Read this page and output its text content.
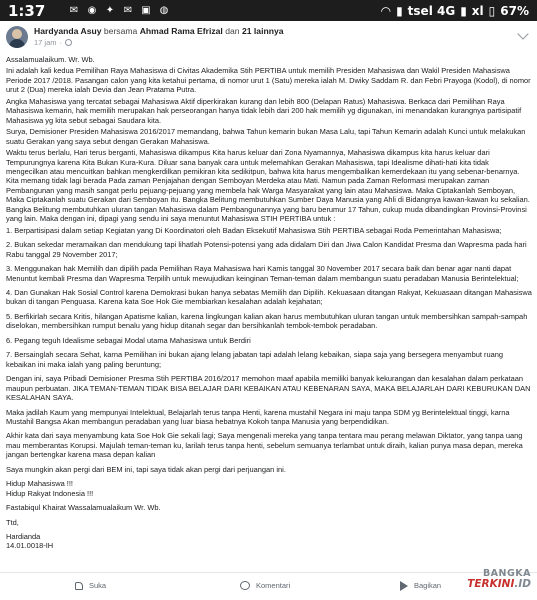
1:37	✉ ◉ ✦ ✉ ▣ ◍	◠ ▮ tsel 4G ▮ xl ▯ 67%
Hardyanda Asuy bersama Ahmad Rama Efrizal dan 21 lainnya
17 jam ·

Assalamualaikum. Wr. Wb.

Ini adalah kali kedua Pemilihan Raya Mahasiswa di Civitas Akademika Stih PERTIBA untuk memilih Presiden Mahasiswa dan Wakil Presiden Mahasiswa Periode 2017 /2018. Pasangan calon yang kita ketahui pertama, di nomor urut 1 (Satu) mereka ialah M. Dwiky Saddam R. dan Febri Prayoga (Kodol), di nomor urut 2 (Dua) mereka ialah Devia dan Jean Pratama Putra.

Angka Mahasiswa yang tercatat sebagai Mahasiswa Aktif diperkirakan kurang dan lebih 800 (Delapan Ratus) Mahasiswa. Berkaca dari Pemilihan Raya Mahasiswa kemarin, hak memilih merupakan hak perseorangan hanya tidak lebih dari 200 hak memilih yg digunakan, ini menandakan kurangnya partisipatif Mahasiswa yg kita sebut sebagai Saudara kita.

Surya, Demisioner Presiden Mahasiswa 2016/2017 memandang, bahwa Tahun kemarin bukan Masa Lalu, tapi Tahun Kemarin adalah Kunci untuk melakukan suatu Gerakan yang saya sebut dengan Gerakan Mahasiswa.

Waktu terus berlalu, Hari terus berganti, Mahasiswa dikampus Kita harus keluar dari Zona Nyamannya, Mahasiswa dikampus kita harus keluar dari Tempurungnya karena Kita Bukan Kura-Kura. Diluar sana banyak cara untuk melemahkan Gerakan Mahasiswa, tapi Idealisme dihati-hati kita tidak mengecilkan atau mencuitkan bahkan mengkerdilkan pemikiran kita sedikitpun, bahwa kita harus mengembalikan kemerdekaan itu yang sebenar-benarnya. Kita memang tidak lagi berada Pada zaman Penjajahan dengan Semboyan Merdeka atau Mati. Namun pada Zaman Reformasi merupakan zaman Pembangunan yang masih sangat perlu pejuang-pejuang yang membela hak Warga Masyarakat yang lain atau Mahasiswa. Maka Ciptakanlah Semboyan, Maka Ciptakanlah suatu Gerakan dari Semboyan itu. Bangka Belitung membutuhkan Sumber Daya Manusia yang Ahli di Bidangnya kawan-kawan ku sekalian. Bangka Belitung membutuhkan uluran tangan Mahasiswa dalam Pembangunannya yang baru berumur 17 Tahun, cukup muda dibandingkan Provinsi-Provinsi yang lain. Maka dengan ini, dipagi yang sendu ini saya menuntut Mahasiswa STIH PERTIBA untuk :

1. Berpartisipasi dalam setiap Kegiatan yang Di Koordinatori oleh Badan Eksekutif Mahasiswa Stih PERTIBA sebagai Roda Pemerintahan Mahasiswa;

2. Bukan sekedar meramaikan dan mendukung tapi lihatlah Potensi-potensi yang ada didalam Diri dan Jiwa Calon Kandidat Presma dan Wapresma pada hari Rabu tanggal 29 November 2017;

3. Menggunakan hak Memilih dan dipilih pada Pemilihan Raya Mahasiswa hari Kamis tanggal 30 November 2017 secara baik dan benar agar nanti dapat Menuntut kembali Presma dan Wapresma Terpilih untuk mewujudkan keinginan Teman-teman dalam membangun suatu peradaban Manusia Berintelektual;

4. Dan Gunakan Hak Sosial Control karena Demokrasi bukan hanya sebatas Memilih dan Dipilih. Kekuasaan ditangan Rakyat, Kekuasaan ditangan Mahasiswa bukan di tangan Penguasa. Karena kata Soe Hok Gie membiarkan kesalahan adalah kejahatan;

5. Berfikirlah secara Kritis, hilangan Apatisme kalian, karena lingkungan kalian akan harus membutuhkan uluran tangan untuk membersihkan sampah-sampah diselokan, membersihkan rumput benalu yang hidup ditanah segar dan bersihkanlah tembok-tembok peradaban.

6. Pegang teguh Idealisme sebagai Modal utama Mahasiswa untuk Berdiri

7. Bersainglah secara Sehat, karna Pemilihan ini bukan ajang lelang jabatan tapi adalah lelang kebaikan, siapa saja yang bersegera menyambut ruang kebaikan ini maka ialah yang paling beruntung;

Dengan ini, saya Pribadi Demisioner Presma Stih PERTIBA 2016/2017 memohon maaf apabila memiliki banyak kekurangan dan kesalahan dalam perkataan maupun perbuatan. JIKA TEMAN-TEMAN TIDAK BISA BELAJAR DARI KEBAIKAN ATAU KEBENARAN SAYA, MAKA BELAJARLAH DARI KEBURUKAN DAN KESALAHAN SAYA.

Maka jadilah Kaum yang mempunyai Intelektual, Belajarlah terus tanpa Henti, karena mustahil Negara ini maju tanpa SDM yg Berintelektual tinggi, karna Mustahil Bangsa Akan membangun peradaban yang luar biasa hebatnya Kokoh tanpa Manusia yang berpendidikan.

Akhir kata dari saya menyambung kata Soe Hok Gie sekali lagi; Saya mengenali mereka yang tanpa tentara mau perang melawan Diktator, yang tanpa uang mau memberantas Korupsi. Majulah teman-teman ku, larilah terus tanpa henti, sebelum semuanya terlambat untuk diraih, kalian punya masa depan, mereka jangan bertengkar karena masa depan kalian

Saya mungkin akan pergi dari BEM ini, tapi saya tidak akan pergi dari perjuangan ini.

Hidup Mahasiswa !!!

Hidup Rakyat Indonesia !!!

Fastabiqul Khairat Wassalamualaikum Wr. Wb.

Ttd,

Hardianda

14.01.0018-IH

Suka	Komentari	Bagikan
BANGKA
TERKINI.ID
